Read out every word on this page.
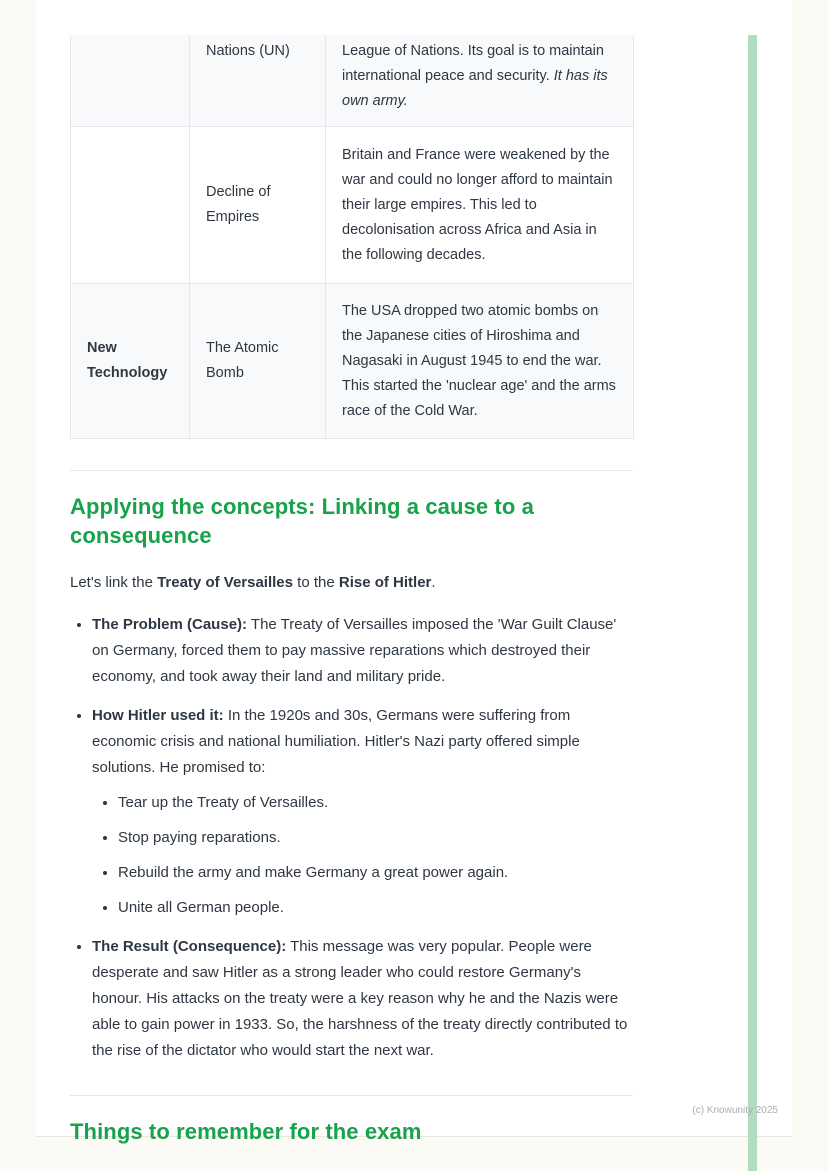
	Nations (UN)	League of Nations. Its goal is to maintain international peace and security. It has its own army.
	Decline of Empires	Britain and France were weakened by the war and could no longer afford to maintain their large empires. This led to decolonisation across Africa and Asia in the following decades.
New Technology	The Atomic Bomb	The USA dropped two atomic bombs on the Japanese cities of Hiroshima and Nagasaki in August 1945 to end the war. This started the 'nuclear age' and the arms race of the Cold War.
Applying the concepts: Linking a cause to a consequence

Let's link the Treaty of Versailles to the Rise of Hitler.

• The Problem (Cause): The Treaty of Versailles imposed the 'War Guilt Clause' on Germany, forced them to pay massive reparations which destroyed their economy, and took away their land and military pride.
• How Hitler used it: In the 1920s and 30s, Germans were suffering from economic crisis and national humiliation. Hitler's Nazi party offered simple solutions. He promised to:
• Tear up the Treaty of Versailles.
• Stop paying reparations.
• Rebuild the army and make Germany a great power again.
• Unite all German people.
• The Result (Consequence): This message was very popular. People were desperate and saw Hitler as a strong leader who could restore Germany's honour. His attacks on the treaty were a key reason why he and the Nazis were able to gain power in 1933. So, the harshness of the treaty directly contributed to the rise of the dictator who would start the next war.
Things to remember for the exam
(c) Knowunity 2025
